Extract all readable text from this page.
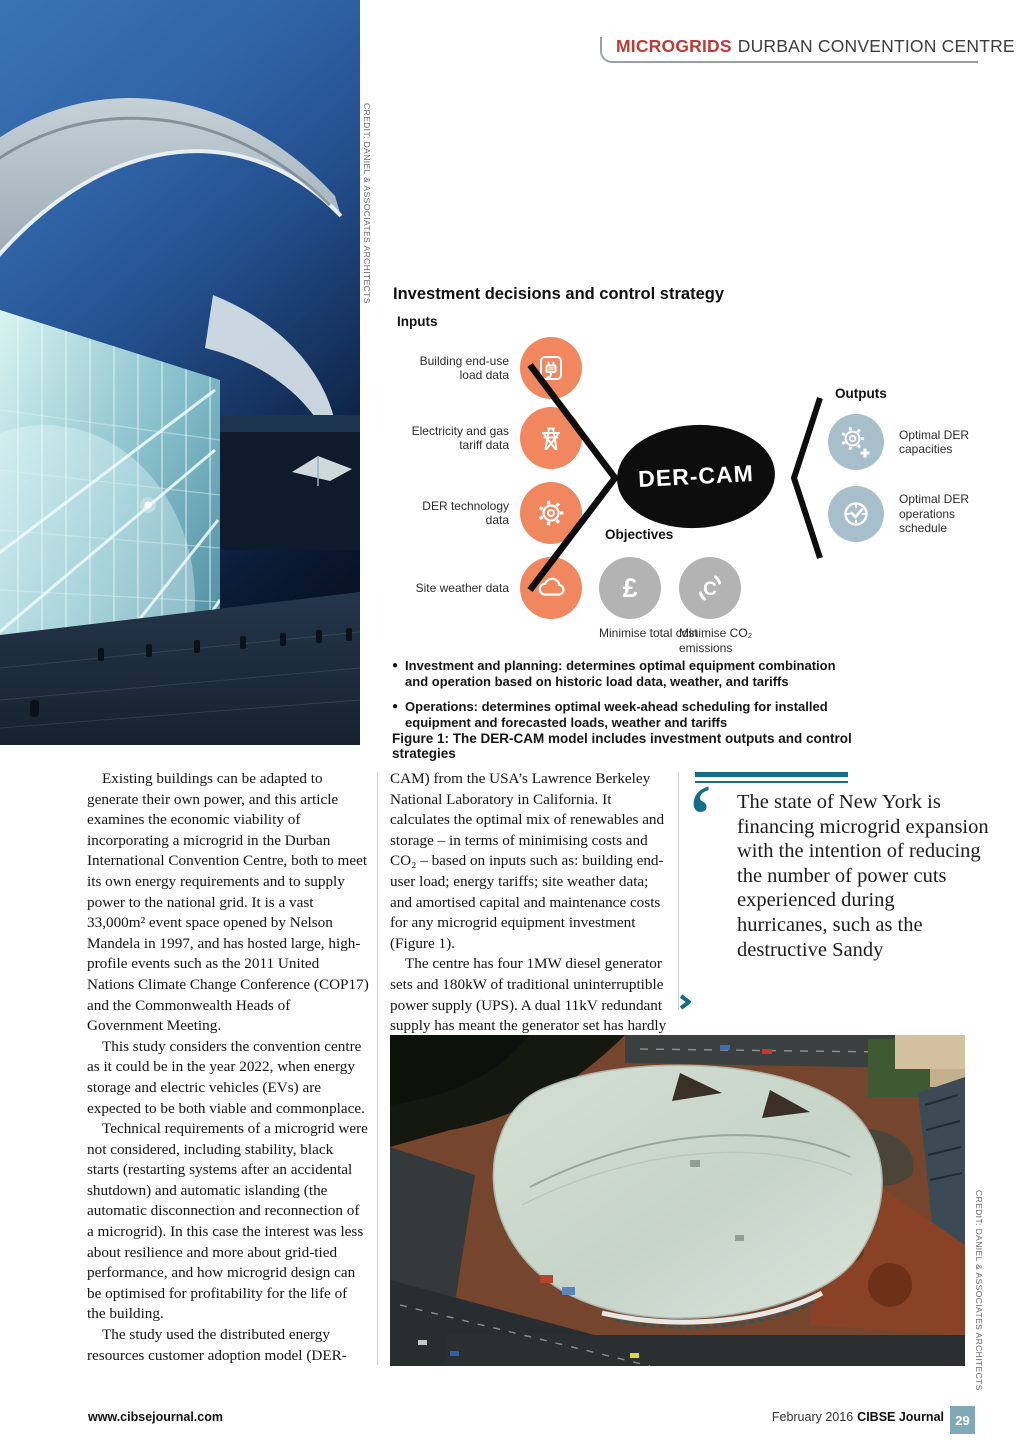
MICROGRIDS DURBAN CONVENTION CENTRE
CREDIT: DANIEL & ASSOCIATES ARCHITECTS Investment decisions and control strategy
Inputs
Building end-use load data
Electricity and gas tariff data
DER technology data
Site weather data
DER-CAM
Objectives
£
Minimise total cost
C
Minimise CO₂ emissions
Outputs
Optimal DER capacities
Optimal DER operations schedule
● Investment and planning: determines optimal equipment combination and operation based on historic load data, weather, and tariffs
● Operations: determines optimal week-ahead scheduling for installed equipment and forecasted loads, weather and tariffs
Figure 1: The DER-CAM model includes investment outputs and control strategies

Existing buildings can be adapted to generate their own power, and this article examines the economic viability of incorporating a microgrid in the Durban International Convention Centre, both to meet its own energy requirements and to supply power to the national grid. It is a vast 33,000m² event space opened by Nelson Mandela in 1997, and has hosted large, high-profile events such as the 2011 United Nations Climate Change Conference (COP17) and the Commonwealth Heads of Government Meeting.

This study considers the convention centre as it could be in the year 2022, when energy storage and electric vehicles (EVs) are expected to be both viable and commonplace.

Technical requirements of a microgrid were not considered, including stability, black starts (restarting systems after an accidental shutdown) and automatic islanding (the automatic disconnection and reconnection of a microgrid). In this case the interest was less about resilience and more about grid-tied performance, and how microgrid design can be optimised for profitability for the life of the building.

The study used the distributed energy resources customer adoption model (DER-

CAM) from the USA’s Lawrence Berkeley National Laboratory in California. It calculates the optimal mix of renewables and storage – in terms of minimising costs and CO₂ – based on inputs such as: building end-user load; energy tariffs; site weather data; and amortised capital and maintenance costs for any microgrid equipment investment (Figure 1).

The centre has four 1MW diesel generator sets and 180kW of traditional uninterruptible power supply (UPS). A dual 11kV redundant supply has meant the generator set has hardly

‘ The state of New York is financing microgrid expansion with the intention of reducing the number of power cuts experienced during hurricanes, such as the destructive Sandy
CREDIT: DANIEL & ASSOCIATES ARCHITECTS
www.cibsejournal.com	February 2016 CIBSE Journal 29
